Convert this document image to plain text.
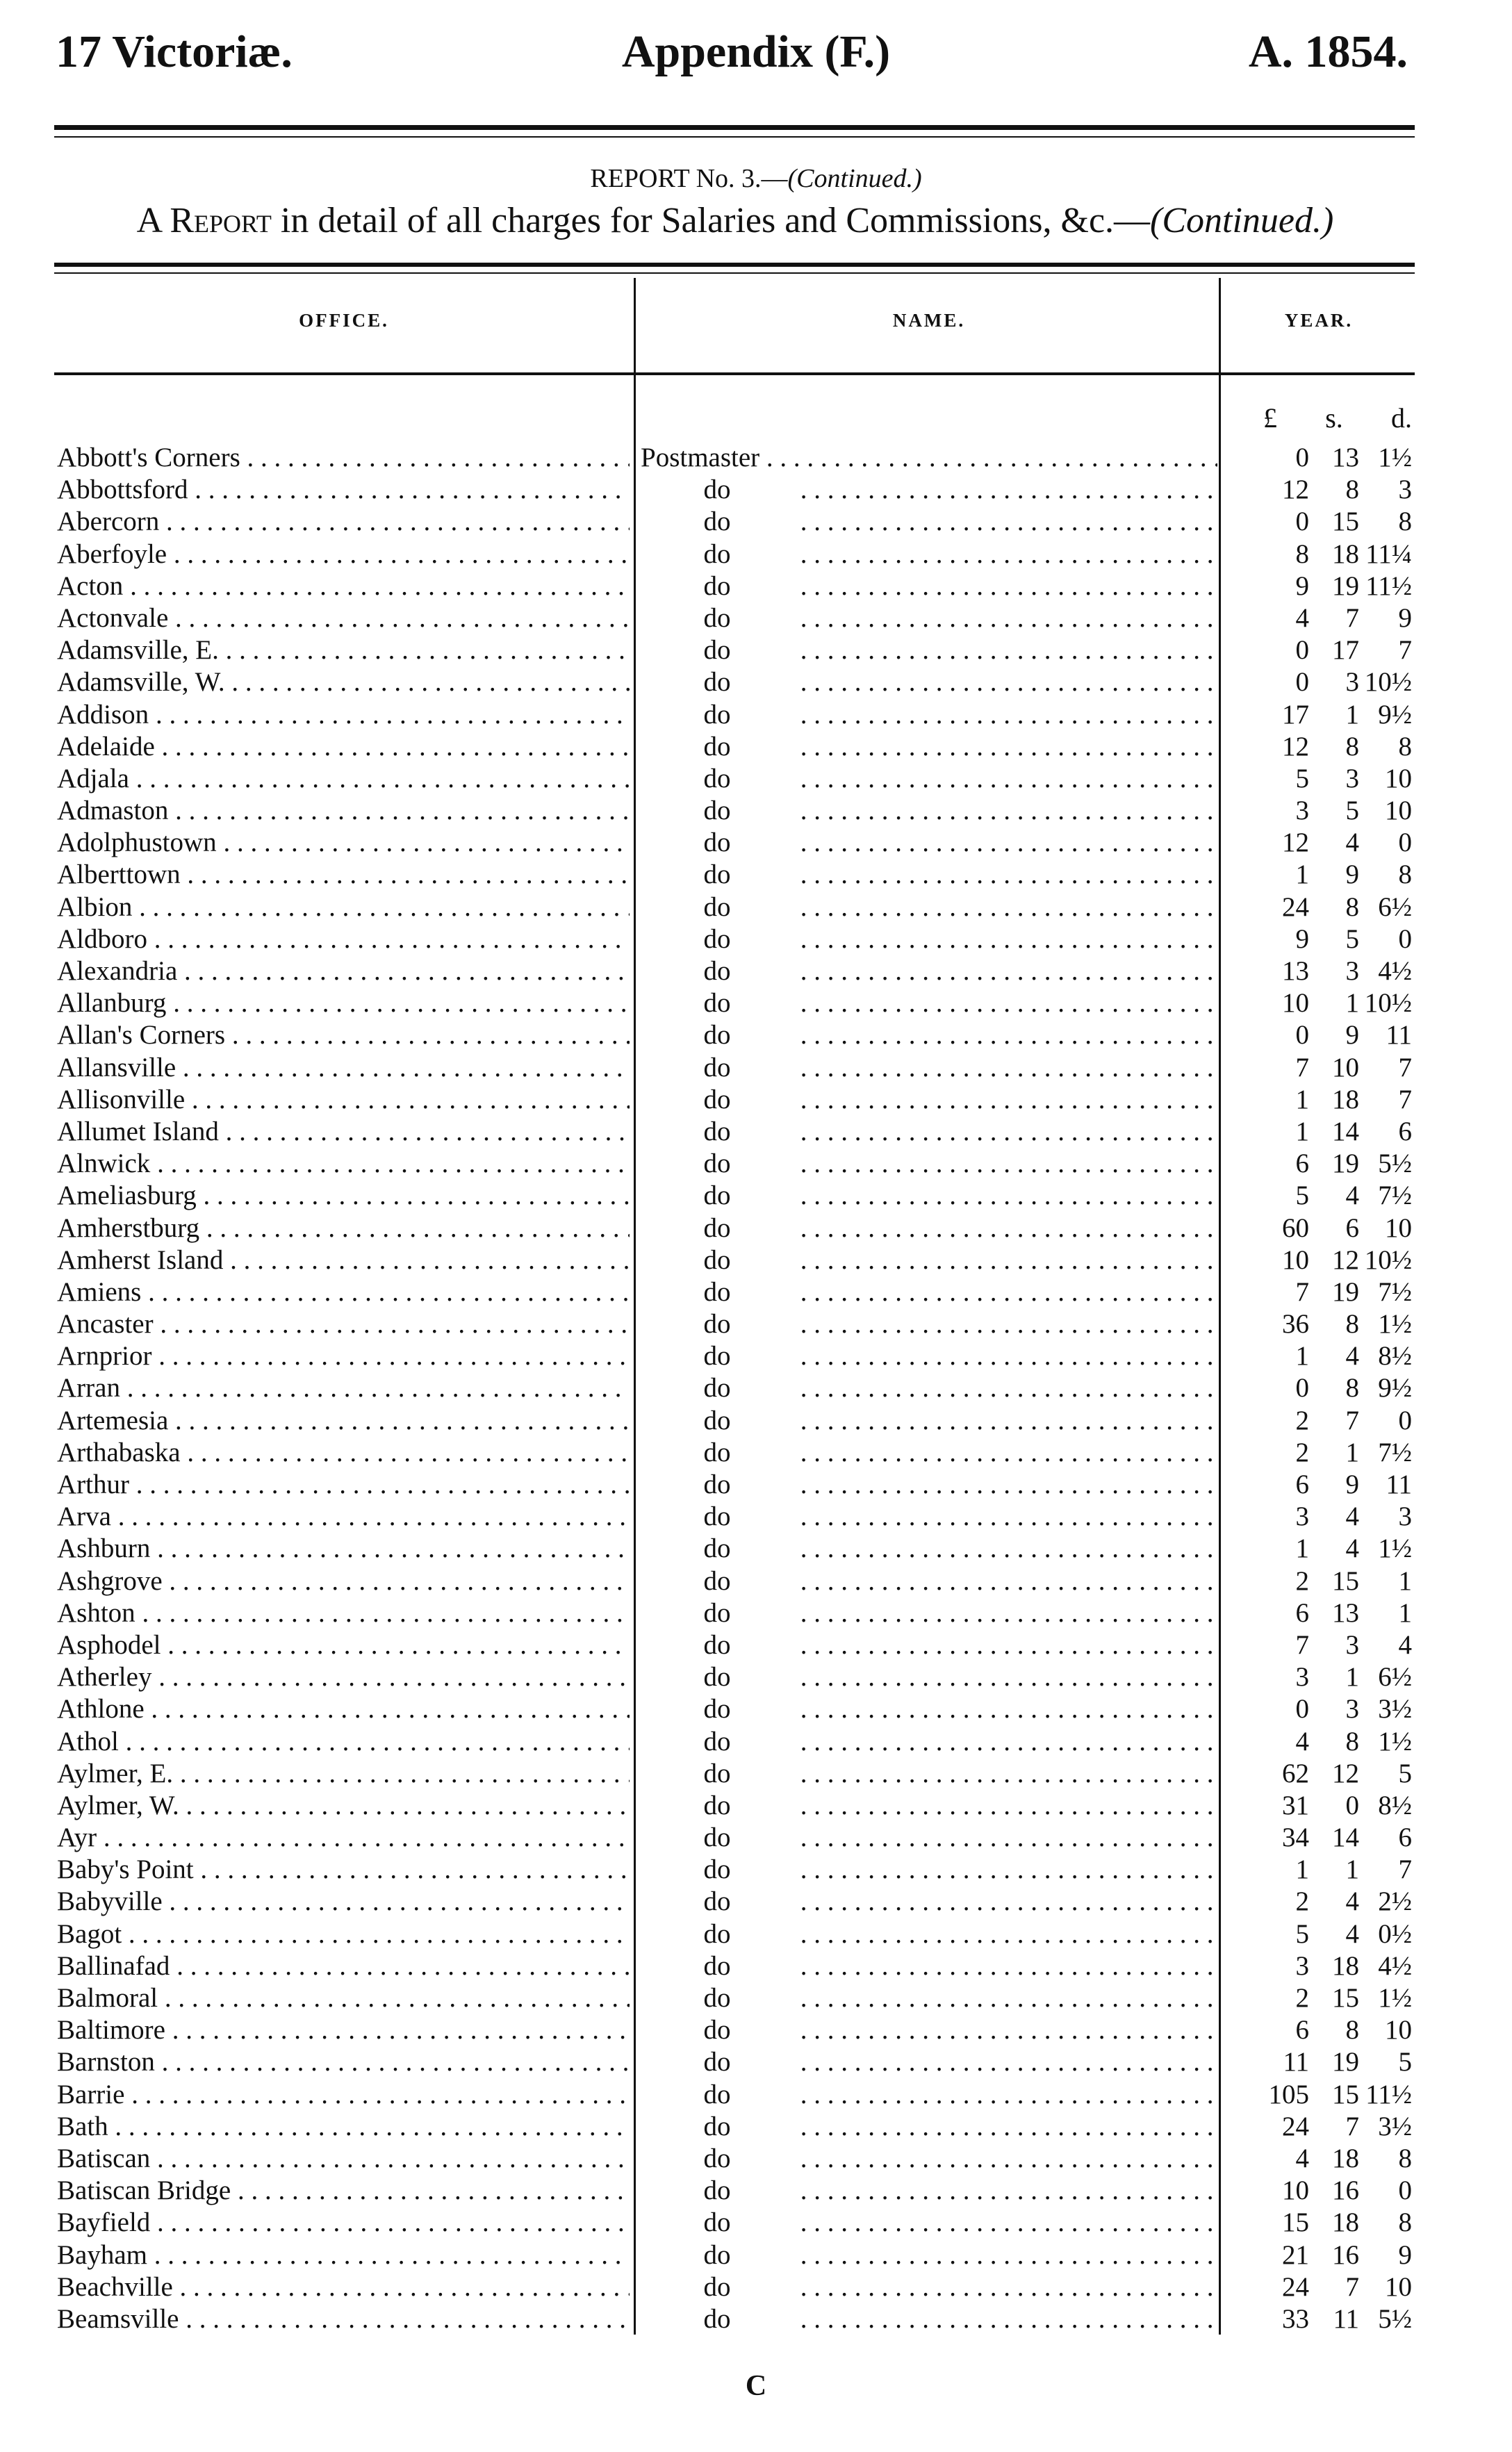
17 Victoriæ.	Appendix (F.)	A. 1854.
REPORT No. 3.—(Continued.)
A Report in detail of all charges for Salaries and Commissions, &c.—(Continued.)
OFFICE.	NAME.	YEAR.
£ s. d.
Abbott's Corners . . .	Postmaster . . .	0 13 1½
Abbottsford . . .	do . . .	12	8	3
Abercorn . . .	do . . .	0 15	8
Aberfoyle . . .	do . . .	8 18 11¼
Acton . . .	do . . .	9 19 11½
Actonvale . . .	do . . .	4	7	9
Adamsville, E. . . .	do . . .	0 17	7
Adamsville, W. . . .	do . . .	0	3 10½
Addison . . .	do . . .	17	1 9½
Adelaide . . .	do . . .	12	8	8
Adjala . . .	do . . .	5	3 10
Admaston . . .	do . . .	3	5 10
Adolphustown . . .	do . . .	12	4	0
Alberttown . . .	do . . .	1	9	8
Albion . . .	do . . .	24	8 6½
Aldboro . . .	do . . .	9	5	0
Alexandria . . .	do . . .	13	3 4½
Allanburg . . .	do . . .	10	1 10½
Allan's Corners . . .	do . . .	0	9 11
Allansville . . .	do . . .	7 10	7
Allisonville . . .	do . . .	1 18	7
Allumet Island . . .	do . . .	1 14	6
Alnwick . . .	do . . .	6 19 5½
Ameliasburg . . .	do . . .	5	4 7½
Amherstburg . . .	do . . .	60	6 10
Amherst Island . . .	do . . .	10 12 10½
Amiens . . .	do . . .	7 19 7½
Ancaster . . .	do . . .	36	8 1½
Arnprior . . .	do . . .	1	4 8½
Arran . . .	do . . .	0	8 9½
Artemesia . . .	do . . .	2	7	0
Arthabaska . . .	do . . .	2	1 7½
Arthur . . .	do . . .	6	9 11
Arva . . .	do . . .	3	4	3
Ashburn . . .	do . . .	1	4 1½
Ashgrove . . .	do . . .	2 15	1
Ashton . . .	do . . .	6 13	1
Asphodel . . .	do . . .	7	3	4
Atherley . . .	do . . .	3	1 6½
Athlone . . .	do . . .	0	3 3½
Athol . . .	do . . .	4	8 1½
Aylmer, E. . . .	do . . .	62 12	5
Aylmer, W. . . .	do . . .	31	0 8½
Ayr . . .	do . . .	34 14	6
Baby's Point . . .	do . . .	1	1	7
Babyville . . .	do . . .	2	4 2½
Bagot . . .	do . . .	5	4 0½
Ballinafad . . .	do . . .	3 18 4½
Balmoral . . .	do . . .	2 15 1½
Baltimore . . .	do . . .	6	8 10
Barnston . . .	do . . .	11 19	5
Barrie . . .	do . . .	105 15 11½
Bath . . .	do . . .	24	7 3½
Batiscan . . .	do . . .	4 18	8
Batiscan Bridge . . .	do . . .	10 16	0
Bayfield . . .	do . . .	15 18	8
Bayham . . .	do . . .	21 16	9
Beachville . . .	do . . .	24	7 10
Beamsville . . .	do . . .	33 11 5½
C
